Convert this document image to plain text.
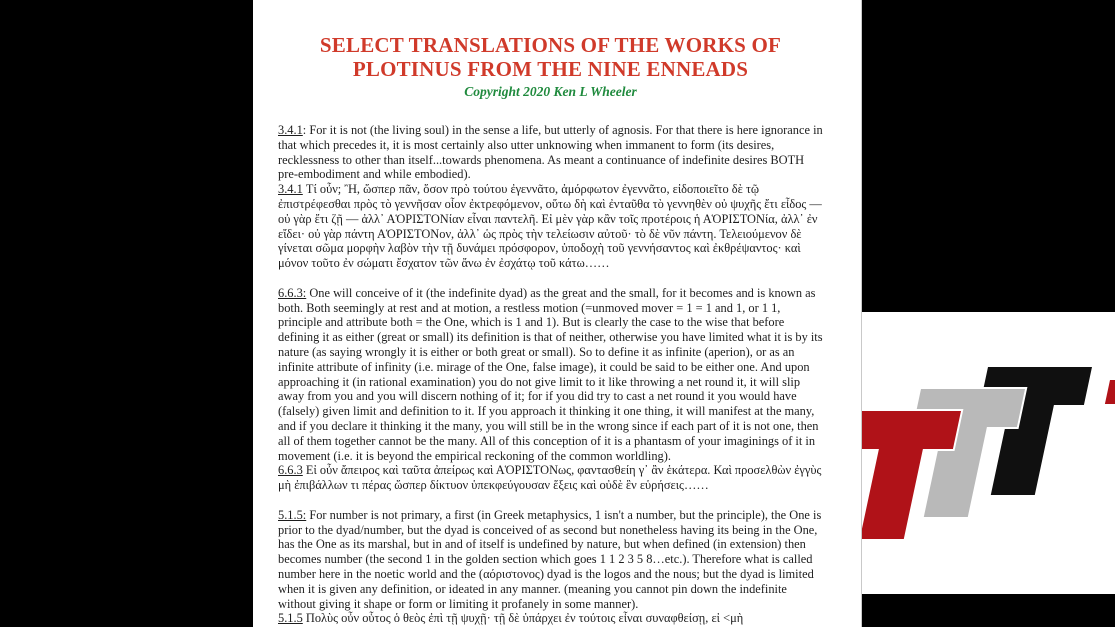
SELECT TRANSLATIONS OF THE WORKS OF
PLOTINUS FROM THE NINE ENNEADS

Copyright 2020 Ken L Wheeler

3.4.1: For it is not (the living soul) in the sense a life, but utterly of agnosis. For that there is here ignorance in that which precedes it, it is most certainly also utter unknowing when immanent to form (its desires, recklessness to other than itself...towards phenomena. As meant a continuance of indefinite desires BOTH pre-embodiment and while embodied).
3.4.1 Τί οὖν; Ἢ, ὥσπερ πᾶν, ὅσον πρὸ τούτου ἐγεννᾶτο, ἀμόρφωτον ἐγεννᾶτο, εἰδοποιεῖτο δὲ τῷ ἐπιστρέφεσθαι πρὸς τὸ γεννῆσαν οἷον ἐκτρεφόμενον, οὕτω δὴ καὶ ἐνταῦθα τὸ γεννηθὲν οὐ ψυχῆς ἔτι εἶδος — οὐ γὰρ ἔτι ζῇ — ἀλλ᾽ ΑὉΡΙΣΤΟΝίαν εἶναι παντελῆ. Εἰ μὲν γὰρ κἂν τοῖς προτέροις ἡ ΑὉΡΙΣΤΟΝία, ἀλλ᾽ ἐν εἴδει· οὐ γὰρ πάντη ΑὉΡΙΣΤΟΝον, ἀλλ᾽ ὡς πρὸς τὴν τελείωσιν αὐτοῦ· τὸ δὲ νῦν πάντη. Τελειούμενον δὲ γίνεται σῶμα μορφὴν λαβὸν τὴν τῇ δυνάμει πρόσφορον, ὑποδοχὴ τοῦ γεννήσαντος καὶ ἐκθρέψαντος· καὶ μόνον τοῦτο ἐν σώματι ἔσχατον τῶν ἄνω ἐν ἐσχάτῳ τοῦ κάτω……

6.6.3: One will conceive of it (the indefinite dyad) as the great and the small, for it becomes and is known as both. Both seemingly at rest and at motion, a restless motion (=unmoved mover = 1 = 1 and 1, or 1 1, principle and attribute both = the One, which is 1 and 1). But is clearly the case to the wise that before defining it as either (great or small) its definition is that of neither, otherwise you have limited what it is by its nature (as saying wrongly it is either or both great or small). So to define it as infinite (aperion), or as an infinite attribute of infinity (i.e. mirage of the One, false image), it could be said to be either one. And upon approaching it (in rational examination) you do not give limit to it like throwing a net round it, it will slip away from you and you will discern nothing of it; for if you did try to cast a net round it you would have (falsely) given limit and definition to it. If you approach it thinking it one thing, it will manifest at the many, and if you declare it thinking it the many, you will still be in the wrong since if each part of it is not one, then all of them together cannot be the many. All of this conception of it is a phantasm of your imaginings of it in movement (i.e. it is beyond the empirical reckoning of the common worldling).
6.6.3 Εἰ οὖν ἄπειρος καὶ ταῦτα ἀπείρως καὶ ΑὉΡΙΣΤΟΝως, φαντασθείη γ᾽ ἂν ἑκάτερα. Καὶ προσελθὼν ἐγγὺς μὴ ἐπιβάλλων τι πέρας ὥσπερ δίκτυον ὑπεκφεύγουσαν ἕξεις καὶ οὐδὲ ἓν εὑρήσεις……

5.1.5: For number is not primary, a first (in Greek metaphysics, 1 isn't a number, but the principle), the One is prior to the dyad/number, but the dyad is conceived of as second but nonetheless having its being in the One, has the One as its marshal, but in and of itself is undefined by nature, but when defined (in extension) then becomes number (the second 1 in the golden section which goes 1 1 2 3 5 8…etc.). Therefore what is called number here in the noetic world and the (αόριστονος) dyad is the logos and the nous; but the dyad is limited when it is given any definition, or ideated in any manner. (meaning you cannot pin down the indefinite without giving it shape or form or limiting it profanely in some manner).
5.1.5 Πολὺς οὖν οὗτος ὁ θεὸς ἐπὶ τῇ ψυχῇ· τῇ δὲ ὑπάρχει ἐν τούτοις εἶναι συναφθείσῃ, εἰ <μὴ
